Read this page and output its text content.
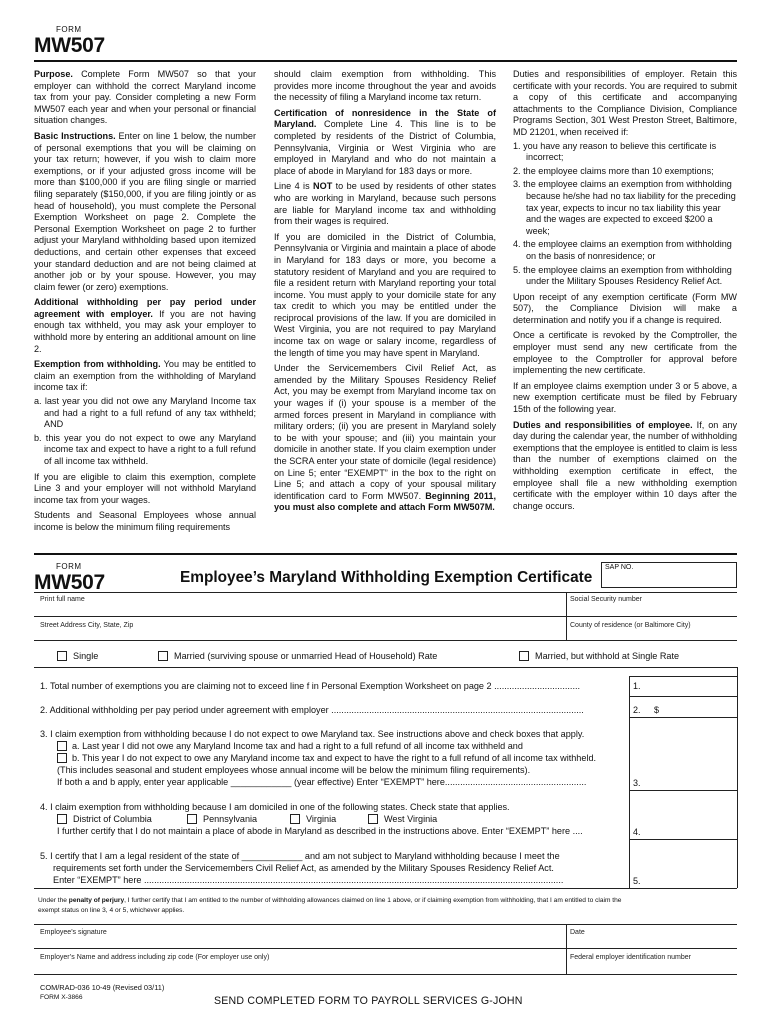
FORM
MW507

Purpose. Complete Form MW507 so that your employer can withhold the correct Maryland income tax from your pay. Consider completing a new Form MW507 each year and when your personal or financial situation changes.

Basic Instructions. Enter on line 1 below, the number of personal exemptions that you will be claiming on your tax return; however, if you wish to claim more exemptions, or if your adjusted gross income will be more than $100,000 if you are filing single or married filing separately ($150,000, if you are filing jointly or as head of household), you must complete the Personal Exemption Worksheet on page 2. Complete the Personal Exemption Worksheet on page 2 to further adjust your Maryland withholding based upon itemized deductions, and certain other expenses that exceed your standard deduction and are not being claimed at another job or by your spouse. However, you may claim fewer (or zero) exemptions.

Additional withholding per pay period under agreement with employer. If you are not having enough tax withheld, you may ask your employer to withhold more by entering an additional amount on line 2.

Exemption from withholding. You may be entitled to claim an exemption from the withholding of Maryland income tax if:

a. last year you did not owe any Maryland Income tax and had a right to a full refund of any tax withheld; AND

b. this year you do not expect to owe any Maryland income tax and expect to have a right to a full refund of all income tax withheld.

If you are eligible to claim this exemption, complete Line 3 and your employer will not withhold Maryland income tax from your wages.

Students and Seasonal Employees whose annual income is below the minimum filing requirements

should claim exemption from withholding. This provides more income throughout the year and avoids the necessity of filing a Maryland income tax return.

Certification of nonresidence in the State of Maryland. Complete Line 4. This line is to be completed by residents of the District of Columbia, Pennsylvania, Virginia or West Virginia who are employed in Maryland and who do not maintain a place of abode in Maryland for 183 days or more.

Line 4 is NOT to be used by residents of other states who are working in Maryland, because such persons are liable for Maryland income tax and withholding from their wages is required.

If you are domiciled in the District of Columbia, Pennsylvania or Virginia and maintain a place of abode in Maryland for 183 days or more, you become a statutory resident of Maryland and you are required to file a resident return with Maryland reporting your total income. You must apply to your domicile state for any tax credit to which you may be entitled under the reciprocal provisions of the law. If you are domiciled in West Virginia, you are not required to pay Maryland income tax on wage or salary income, regardless of the length of time you may have spent in Maryland.

Under the Servicemembers Civil Relief Act, as amended by the Military Spouses Residency Relief Act, you may be exempt from Maryland income tax on your wages if (i) your spouse is a member of the armed forces present in Maryland in compliance with military orders; (ii) you are present in Maryland solely to be with your spouse; and (iii) you maintain your domicile in another state. If you claim exemption under the SCRA enter your state of domicile (legal residence) on Line 5; enter “EXEMPT” in the box to the right on Line 5; and attach a copy of your spousal military identification card to Form MW507. Beginning 2011, you must also complete and attach Form MW507M.

Duties and responsibilities of employer. Retain this certificate with your records. You are required to submit a copy of this certificate and accompanying attachments to the Compliance Division, Compliance Programs Section, 301 West Preston Street, Baltimore, MD 21201, when received if:

1. you have any reason to believe this certificate is incorrect;

2. the employee claims more than 10 exemptions;

3. the employee claims an exemption from withholding because he/she had no tax liability for the preceding tax year, expects to incur no tax liability this year and the wages are expected to exceed $200 a week;

4. the employee claims an exemption from withholding on the basis of nonresidence; or

5. the employee claims an exemption from withholding under the Military Spouses Residency Relief Act.

Upon receipt of any exemption certificate (Form MW 507), the Compliance Division will make a determination and notify you if a change is required.

Once a certificate is revoked by the Comptroller, the employer must send any new certificate from the employee to the Comptroller for approval before implementing the new certificate.

If an employee claims exemption under 3 or 5 above, a new exemption certificate must be filed by February 15th of the following year.

Duties and responsibilities of employee. If, on any day during the calendar year, the number of withholding exemptions that the employee is entitled to claim is less than the number of exemptions claimed on the withholding exemption certificate in effect, the employee shall file a new withholding exemption certificate with the employer within 10 days after the change occurs.

FORM
MW507	Employee’s Maryland Withholding Exemption Certificate
SAP NO.
Print full name	Social Security number
Street Address City, State, Zip	County of residence (or Baltimore City)
Single	Married (surviving spouse or unmarried Head of Household) Rate	Married, but withhold at Single Rate
1. Total number of exemptions you are claiming not to exceed line f in Personal Exemption Worksheet on page 2 ..................................	1.
2. Additional withholding per pay period under agreement with employer ....................................................................................................	2. $
3. I claim exemption from withholding because I do not expect to owe Maryland tax. See instructions above and check boxes that apply.
a. Last year I did not owe any Maryland Income tax and had a right to a full refund of all income tax withheld and
b. This year I do not expect to owe any Maryland income tax and expect to have the right to a full refund of all income tax withheld.
(This includes seasonal and student employees whose annual income will be below the minimum filing requirements).
If both a and b apply, enter year applicable ____________ (year effective) Enter “EXEMPT” here........................................................	3.
4. I claim exemption from withholding because I am domiciled in one of the following states. Check state that applies.
District of Columbia	Pennsylvania	Virginia	West Virginia
I further certify that I do not maintain a place of abode in Maryland as described in the instructions above. Enter “EXEMPT” here ....	4.
5. I certify that I am a legal resident of the state of ____________ and am not subject to Maryland withholding because I meet the
requirements set forth under the Servicemembers Civil Relief Act, as amended by the Military Spouses Residency Relief Act.
Enter “EXEMPT” here ......................................................................................................................................................................	5.
Under the penalty of perjury, I further certify that I am entitled to the number of withholding allowances claimed on line 1 above, or if claiming exemption from withholding, that I am entitled to claim the
exempt status on line 3, 4 or 5, whichever applies.
Employee’s signature	Date
Employer’s Name and address including zip code (For employer use only)	Federal employer identification number
COM/RAD-036 10-49 (Revised 03/11)
FORM X-3866	SEND COMPLETED FORM TO PAYROLL SERVICES G-JOHN
